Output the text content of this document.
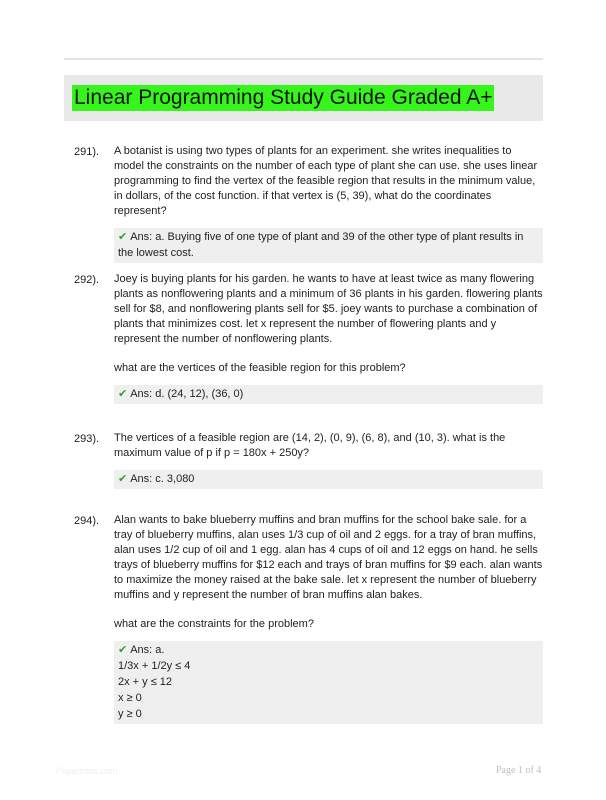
Linear Programming Study Guide Graded A+
291). A botanist is using two types of plants for an experiment. she writes inequalities to model the constraints on the number of each type of plant she can use. she uses linear programming to find the vertex of the feasible region that results in the minimum value, in dollars, of the cost function. if that vertex is (5, 39), what do the coordinates represent?
✔ Ans: a. Buying five of one type of plant and 39 of the other type of plant results in the lowest cost.
292). Joey is buying plants for his garden. he wants to have at least twice as many flowering plants as nonflowering plants and a minimum of 36 plants in his garden. flowering plants sell for $8, and nonflowering plants sell for $5. joey wants to purchase a combination of plants that minimizes cost. let x represent the number of flowering plants and y represent the number of nonflowering plants.
what are the vertices of the feasible region for this problem?
✔ Ans: d. (24, 12), (36, 0)
293). The vertices of a feasible region are (14, 2), (0, 9), (6, 8), and (10, 3). what is the maximum value of p if p = 180x + 250y?
✔ Ans: c. 3,080
294). Alan wants to bake blueberry muffins and bran muffins for the school bake sale. for a tray of blueberry muffins, alan uses 1/3 cup of oil and 2 eggs. for a tray of bran muffins, alan uses 1/2 cup of oil and 1 egg. alan has 4 cups of oil and 12 eggs on hand. he sells trays of blueberry muffins for $12 each and trays of bran muffins for $9 each. alan wants to maximize the money raised at the bake sale. let x represent the number of blueberry muffins and y represent the number of bran muffins alan bakes.
what are the constraints for the problem?
✔ Ans: a.
1/3x + 1/2y ≤ 4
2x + y ≤ 12
x ≥ 0
y ≥ 0
Paperbliss.com	Page 1 of 4
